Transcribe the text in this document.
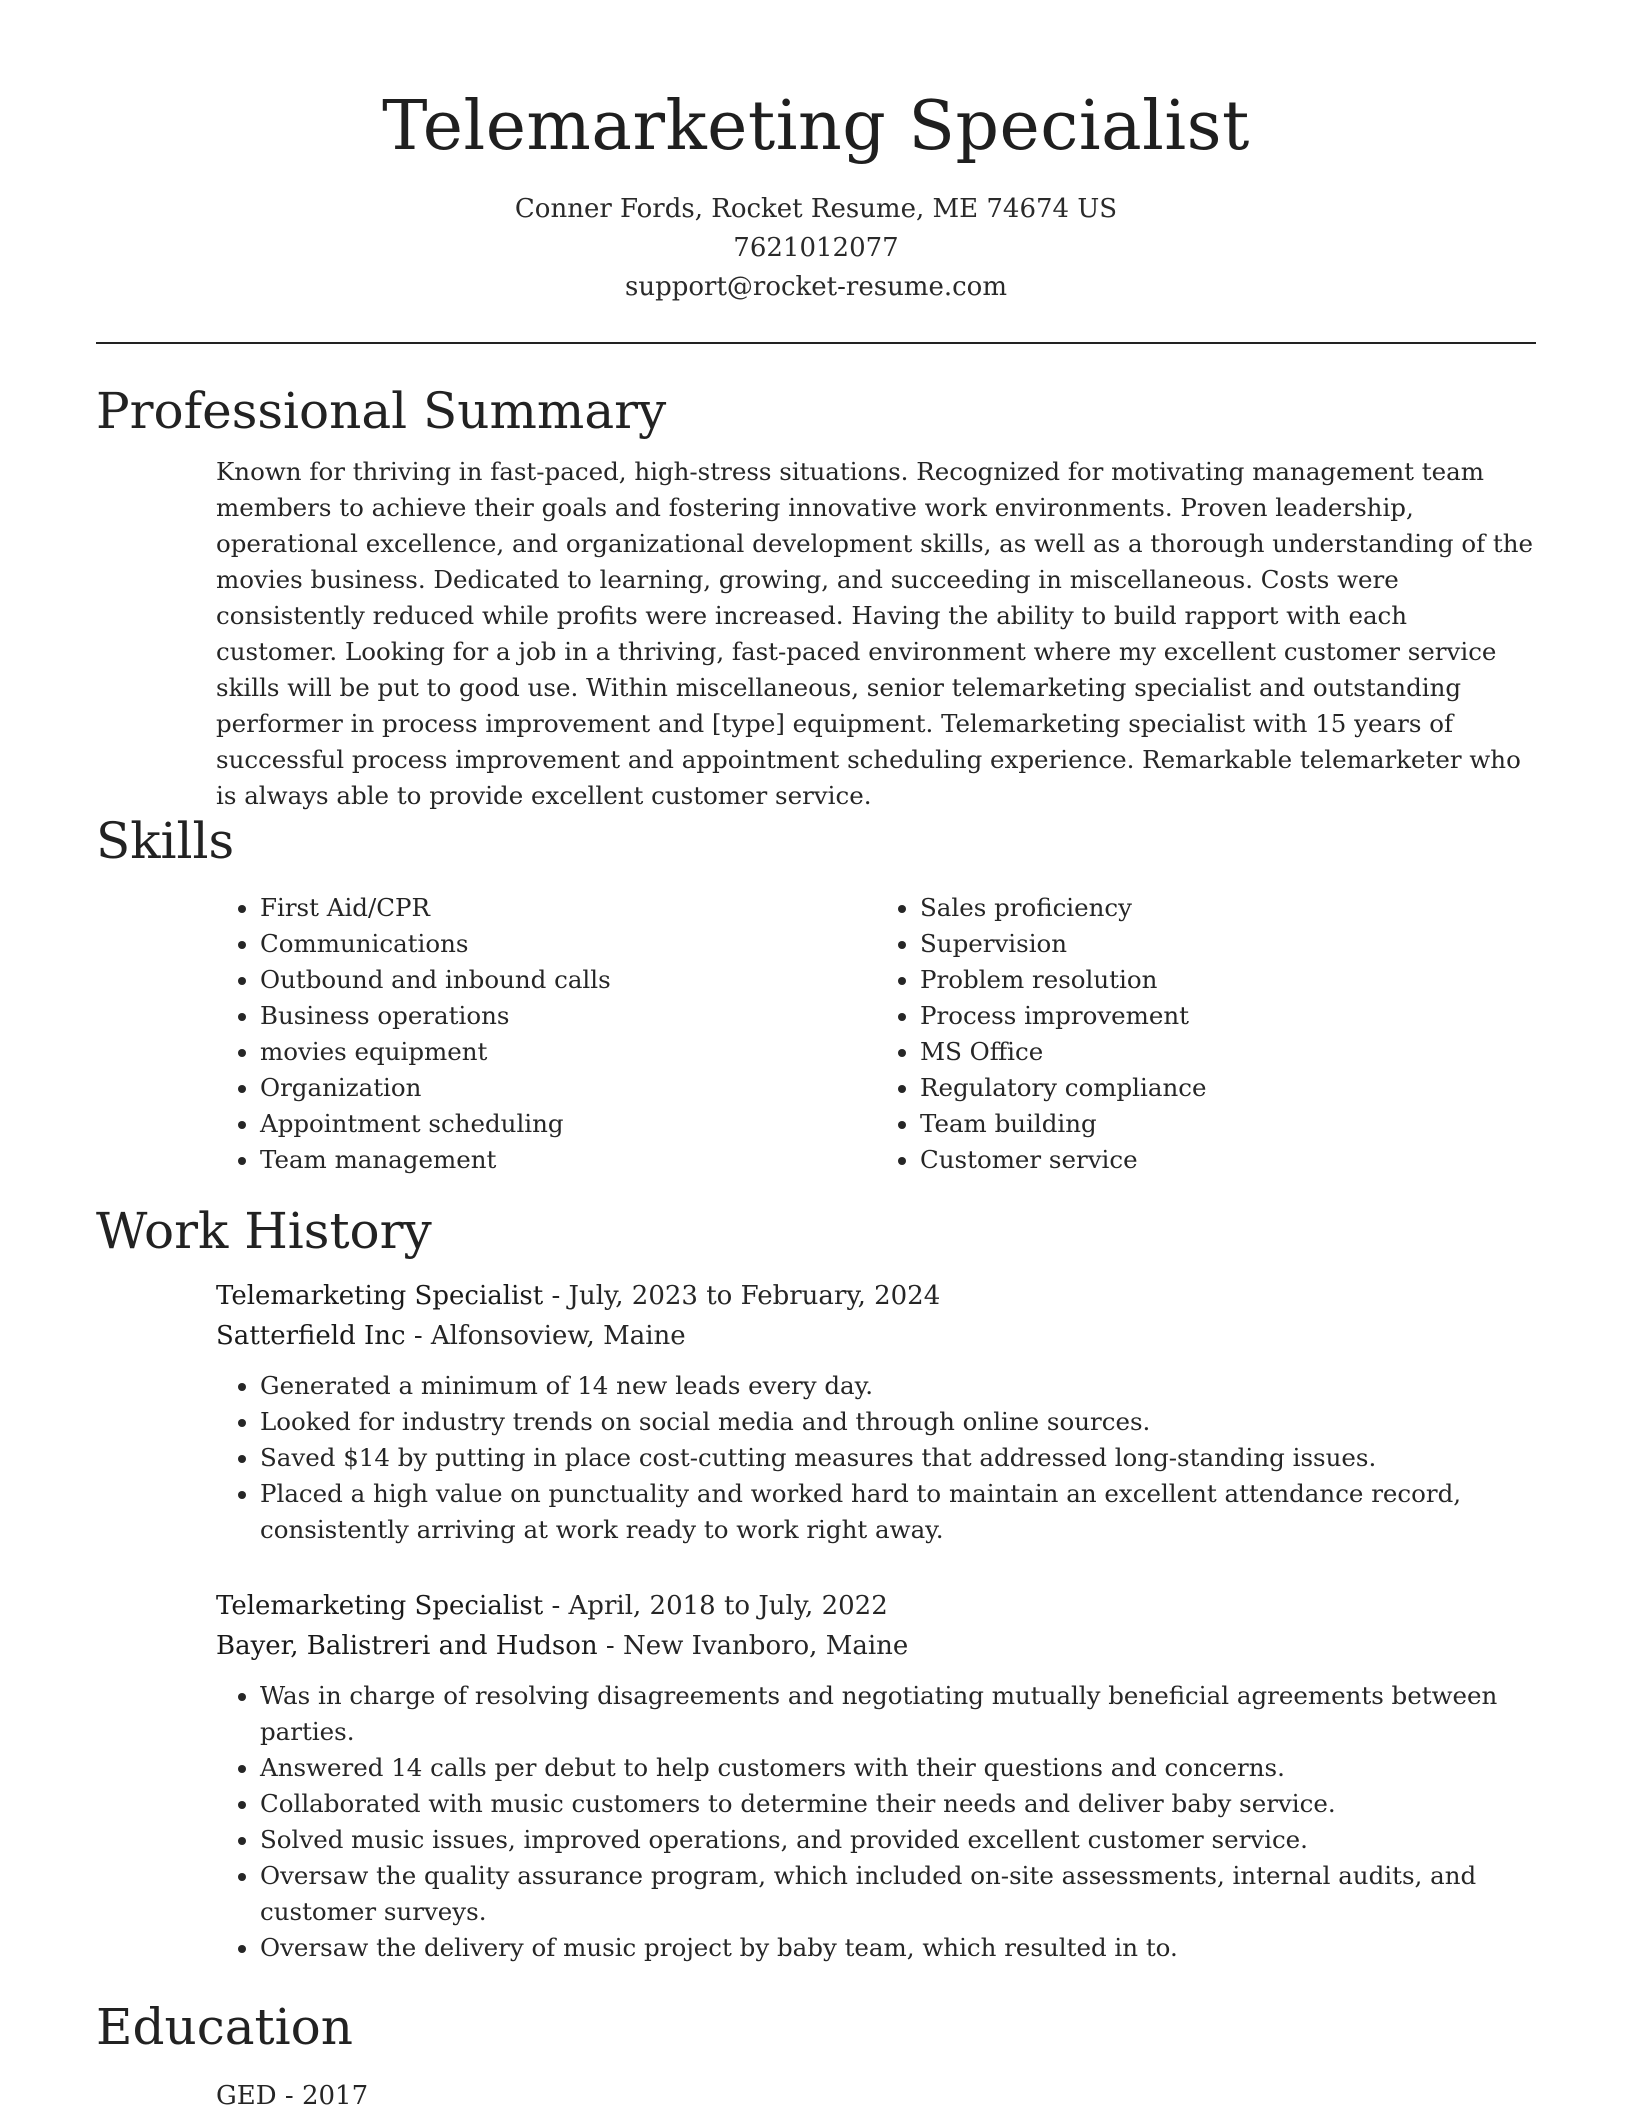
Telemarketing Specialist
Conner Fords, Rocket Resume, ME 74674 US
7621012077
support@rocket-resume.com
Professional Summary
Known for thriving in fast-paced, high-stress situations. Recognized for motivating management team members to achieve their goals and fostering innovative work environments. Proven leadership, operational excellence, and organizational development skills, as well as a thorough understanding of the movies business. Dedicated to learning, growing, and succeeding in miscellaneous. Costs were consistently reduced while profits were increased. Having the ability to build rapport with each customer. Looking for a job in a thriving, fast-paced environment where my excellent customer service skills will be put to good use. Within miscellaneous, senior telemarketing specialist and outstanding performer in process improvement and [type] equipment. Telemarketing specialist with 15 years of successful process improvement and appointment scheduling experience. Remarkable telemarketer who is always able to provide excellent customer service.
Skills
• First Aid/CPR
• Communications
• Outbound and inbound calls
• Business operations
• movies equipment
• Organization
• Appointment scheduling
• Team management
• Sales proficiency
• Supervision
• Problem resolution
• Process improvement
• MS Office
• Regulatory compliance
• Team building
• Customer service
Work History
Telemarketing Specialist - July, 2023 to February, 2024
Satterfield Inc - Alfonsoview, Maine
• Generated a minimum of 14 new leads every day.
• Looked for industry trends on social media and through online sources.
• Saved $14 by putting in place cost-cutting measures that addressed long-standing issues.
• Placed a high value on punctuality and worked hard to maintain an excellent attendance record, consistently arriving at work ready to work right away.
Telemarketing Specialist - April, 2018 to July, 2022
Bayer, Balistreri and Hudson - New Ivanboro, Maine
• Was in charge of resolving disagreements and negotiating mutually beneficial agreements between parties.
• Answered 14 calls per debut to help customers with their questions and concerns.
• Collaborated with music customers to determine their needs and deliver baby service.
• Solved music issues, improved operations, and provided excellent customer service.
• Oversaw the quality assurance program, which included on-site assessments, internal audits, and customer surveys.
• Oversaw the delivery of music project by baby team, which resulted in to.
Education
GED - 2017
